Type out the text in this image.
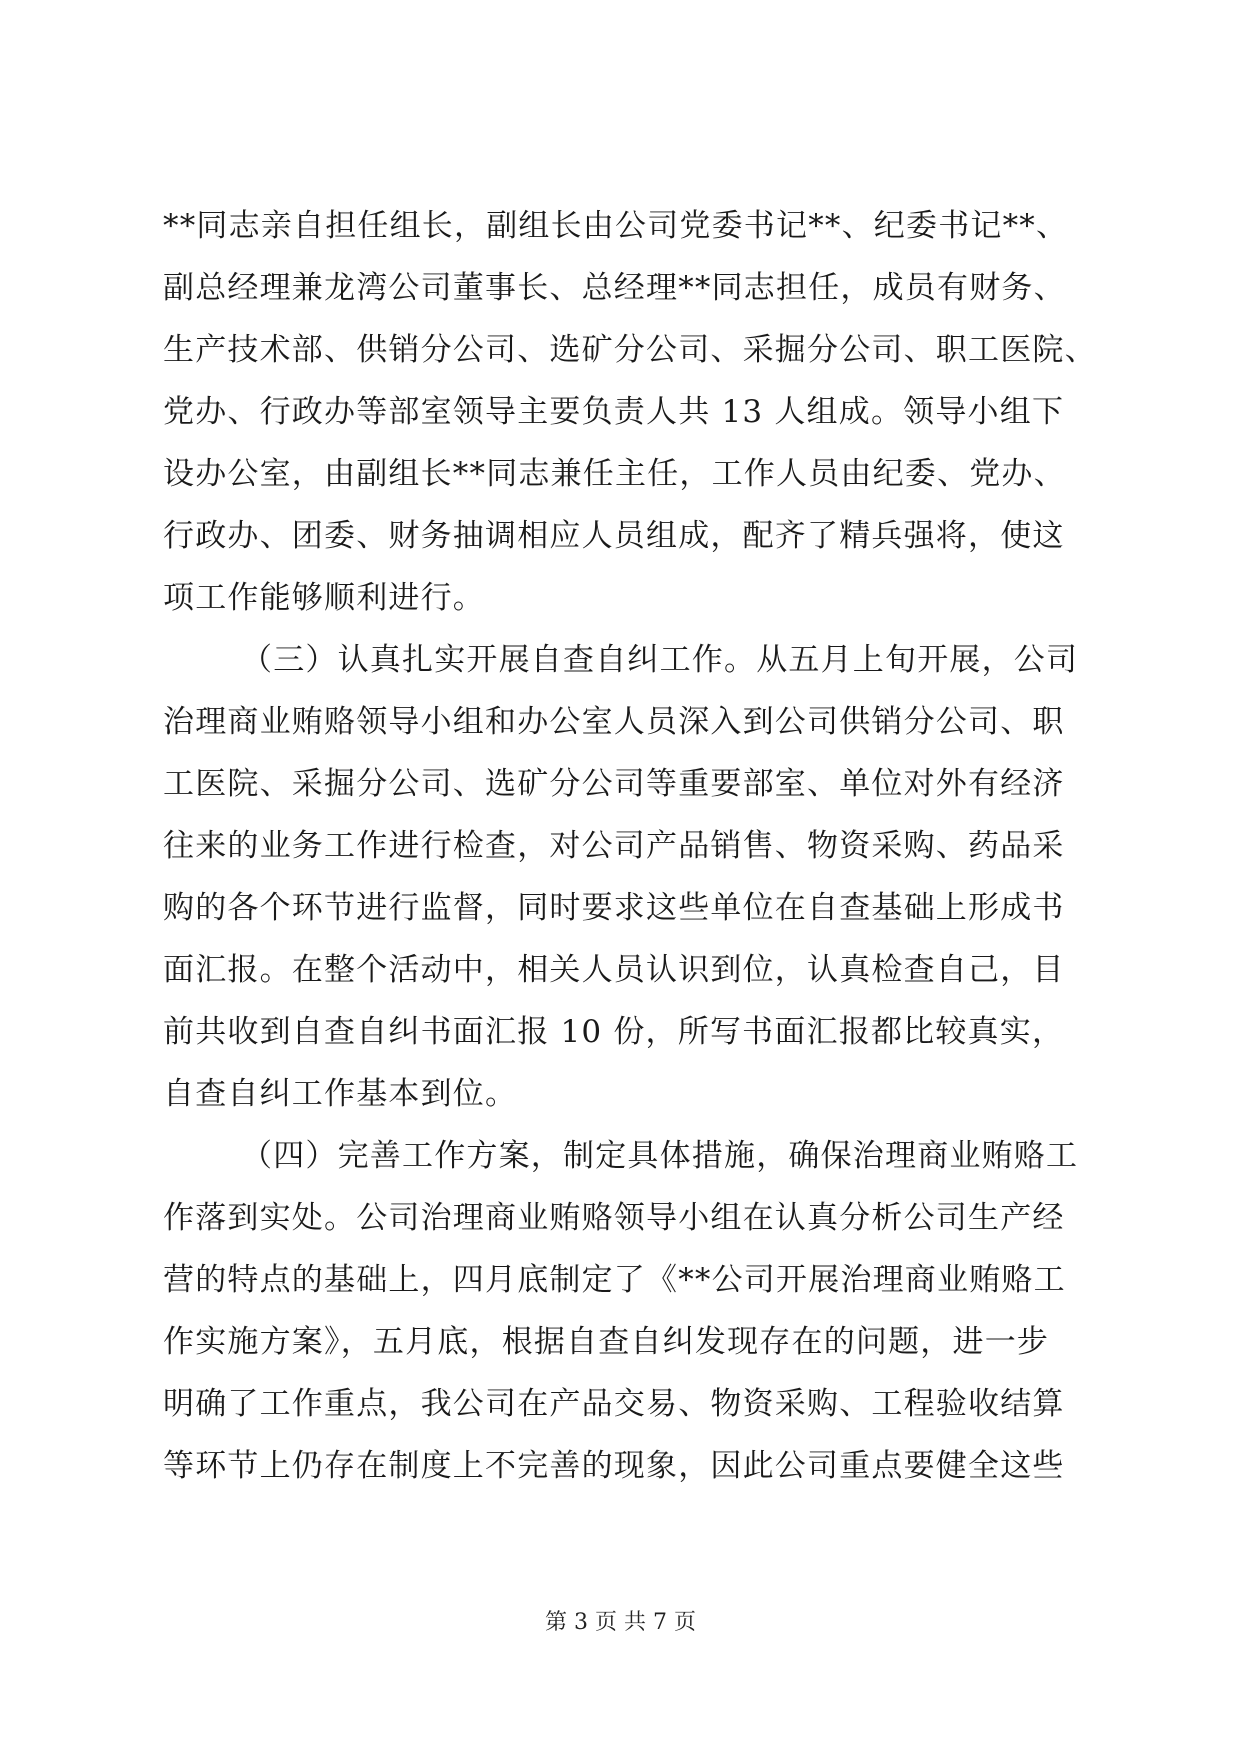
**同志亲自担任组长，副组长由公司党委书记**、纪委书记**、

副总经理兼龙湾公司董事长、总经理**同志担任，成员有财务、

生产技术部、供销分公司、选矿分公司、采掘分公司、职工医院、

党办、行政办等部室领导主要负责人共 13 人组成。领导小组下

设办公室，由副组长**同志兼任主任，工作人员由纪委、党办、

行政办、团委、财务抽调相应人员组成，配齐了精兵强将，使这

项工作能够顺利进行。

（三）认真扎实开展自查自纠工作。从五月上旬开展，公司

治理商业贿赂领导小组和办公室人员深入到公司供销分公司、职

工医院、采掘分公司、选矿分公司等重要部室、单位对外有经济

往来的业务工作进行检查，对公司产品销售、物资采购、药品采

购的各个环节进行监督，同时要求这些单位在自查基础上形成书

面汇报。在整个活动中，相关人员认识到位，认真检查自己，目

前共收到自查自纠书面汇报 10 份，所写书面汇报都比较真实，

自查自纠工作基本到位。

（四）完善工作方案，制定具体措施，确保治理商业贿赂工

作落到实处。公司治理商业贿赂领导小组在认真分析公司生产经

营的特点的基础上，四月底制定了《**公司开展治理商业贿赂工

作实施方案》，五月底，根据自查自纠发现存在的问题，进一步

明确了工作重点，我公司在产品交易、物资采购、工程验收结算

等环节上仍存在制度上不完善的现象，因此公司重点要健全这些

第 3 页 共 7 页
